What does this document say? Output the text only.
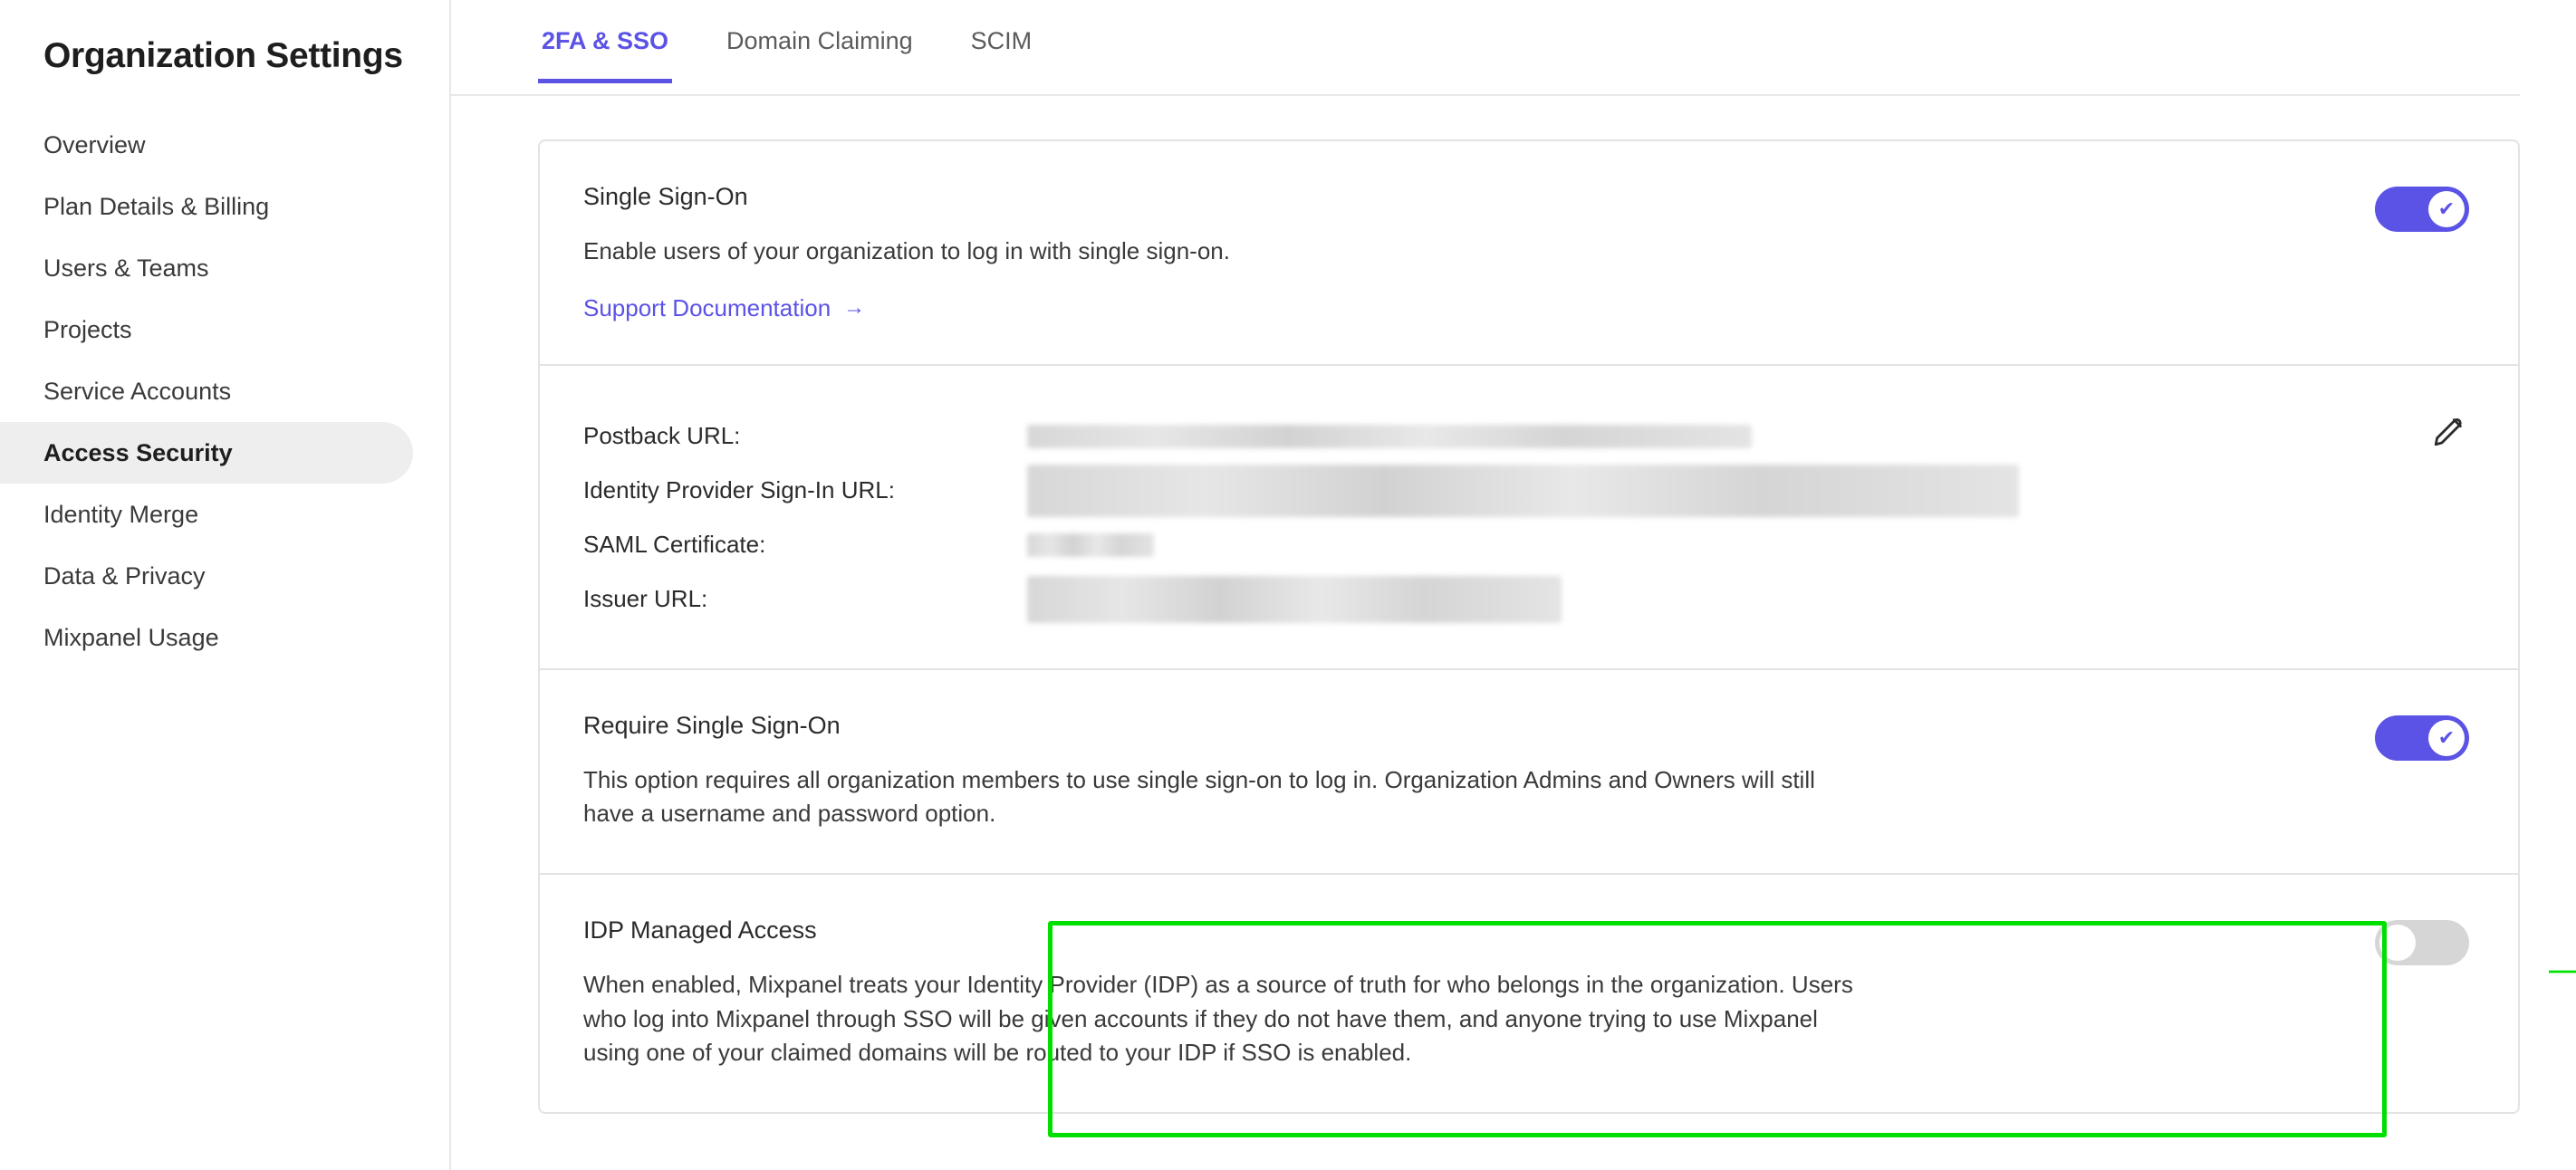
Organization Settings
Overview
Plan Details & Billing
Users & Teams
Projects
Service Accounts
Access Security
Identity Merge
Data & Privacy
Mixpanel Usage
2FA & SSO Domain Claiming SCIM
Single Sign-On
Enable users of your organization to log in with single sign-on.
Support Documentation →
✔
Postback URL:
Identity Provider Sign-In URL:
SAML Certificate:
Issuer URL:
Require Single Sign-On
This option requires all organization members to use single sign-on to log in. Organization Admins and Owners will still have a username and password option.
✔
IDP Managed Access
When enabled, Mixpanel treats your Identity Provider (IDP) as a source of truth for who belongs in the organization. Users who log into Mixpanel through SSO will be given accounts if they do not have them, and anyone trying to use Mixpanel using one of your claimed domains will be routed to your IDP if SSO is enabled.
